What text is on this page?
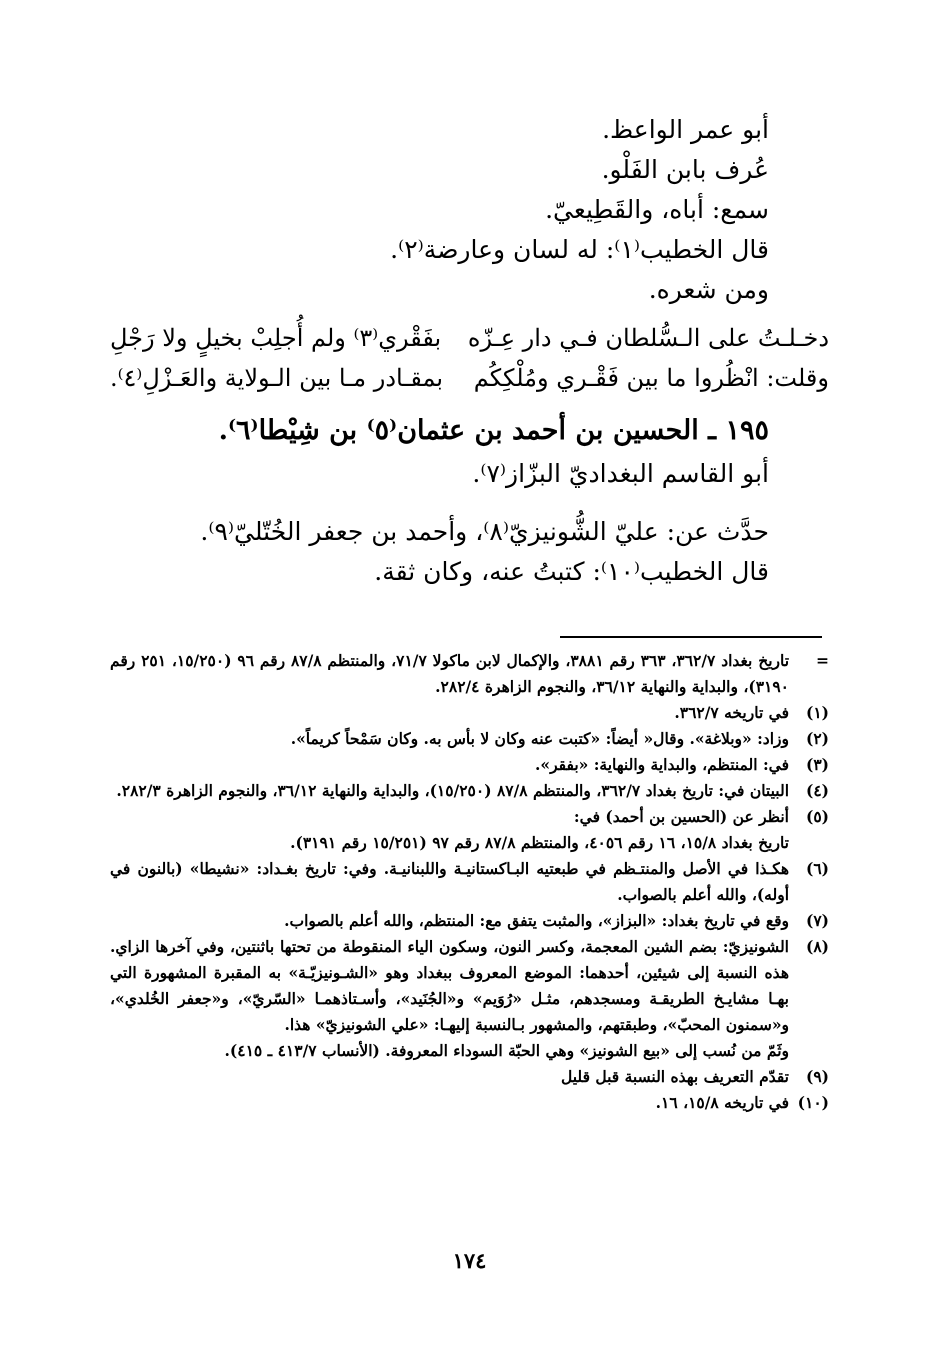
أبو عمر الواعظ.
عُرف بابن الفَلْو.
سمع: أباه، والقَطِيعيّ.
قال الخطيب⁽١⁾: له لسان وعارضة⁽٢⁾.
ومن شعره.
دخـلـتُ على الـسُّلطان فـي دار عِـزّه
بفَقْري⁽٣⁾ ولم أُجلِبْ بخيلٍ ولا رَجْلِ
وقلت: انْظُروا ما بين فَقْـري ومُلْكِكُم
بمقـادر مـا بين الـولاية والعَـزْلِ⁽٤⁾.
١٩٥ ـ الحسين بن أحمد بن عثمان⁽٥⁾ بن شِيْطا⁽٦⁾.
أبو القاسم البغداديّ البزّاز⁽٧⁾.
حدَّث عن: عليّ الشُّونيزيّ⁽٨⁾، وأحمد بن جعفر الخُتّليّ⁽٩⁾.
قال الخطيب⁽١٠⁾: كتبتُ عنه، وكان ثقة.
=
تاريخ بغداد ٣٦٢/٧، ٣٦٣ رقم ٣٨٨١، والإكمال لابن ماكولا ٧١/٧، والمنتظم ٨٧/٨ رقم ٩٦ (١٥/٢٥٠، ٢٥١ رقم ٣١٩٠)، والبداية والنهاية ٣٦/١٢، والنجوم الزاهرة ٢٨٢/٤.
(١)
في تاريخه ٣٦٢/٧.
(٢)
وزاد: «وبلاغة». وقال« أيضاً: «كتبت عنه وكان لا بأس به. وكان سَمْحاً كريماً».
(٣)
في: المنتظم، والبداية والنهاية: «بفقر».
(٤)
البيتان في: تاريخ بغداد ٣٦٢/٧، والمنتظم ٨٧/٨ (١٥/٢٥٠)، والبداية والنهاية ٣٦/١٢، والنجوم الزاهرة ٢٨٢/٣.
(٥)
أنظر عن (الحسين بن أحمد) في:
تاريخ بغداد ١٥/٨، ١٦ رقم ٤٠٥٦، والمنتظم ٨٧/٨ رقم ٩٧ (١٥/٢٥١ رقم ٣١٩١).
(٦)
هكـذا في الأصل والمنتـظم في طبعتيه البـاكستانيـة واللبنانيـة. وفي: تاريخ بغـداد: «نشيطا» (بالنون في أوله)، والله أعلم بالصواب.
(٧)
وقع في تاريخ بغداد: «البزاز»، والمثبت يتفق مع: المنتظم، والله أعلم بالصواب.
(٨)
الشونيزيّ: بضم الشين المعجمة، وكسر النون، وسكون الياء المنقوطة من تحتها باثنتين، وفي آخرها الزاي. هذه النسبة إلى شيئين، أحدهما: الموضع المعروف ببغداد وهو «الشـونيزيّـة» به المقبرة المشهورة التي بهـا مشايـخ الطريقـة ومسجدهم، مثـل «رُوَيم» و«الجُنَيد»، وأسـتاذهمـا «السّريّ»، و«جعفر الخُلدي»، و«سمنون المحبّ»، وطبقتهم، والمشهور بـالنسبة إليهـا: «علي الشونيزيّ» هذا.
وثَمّ من نُسب إلى «بيع الشونيز» وهي الحبّة السوداء المعروفة. (الأنساب ٤١٣/٧ ـ ٤١٥).
(٩)
تقدّم التعريف بهذه النسبة قبل قليل
(١٠)
في تاريخه ١٥/٨، ١٦.
١٧٤
